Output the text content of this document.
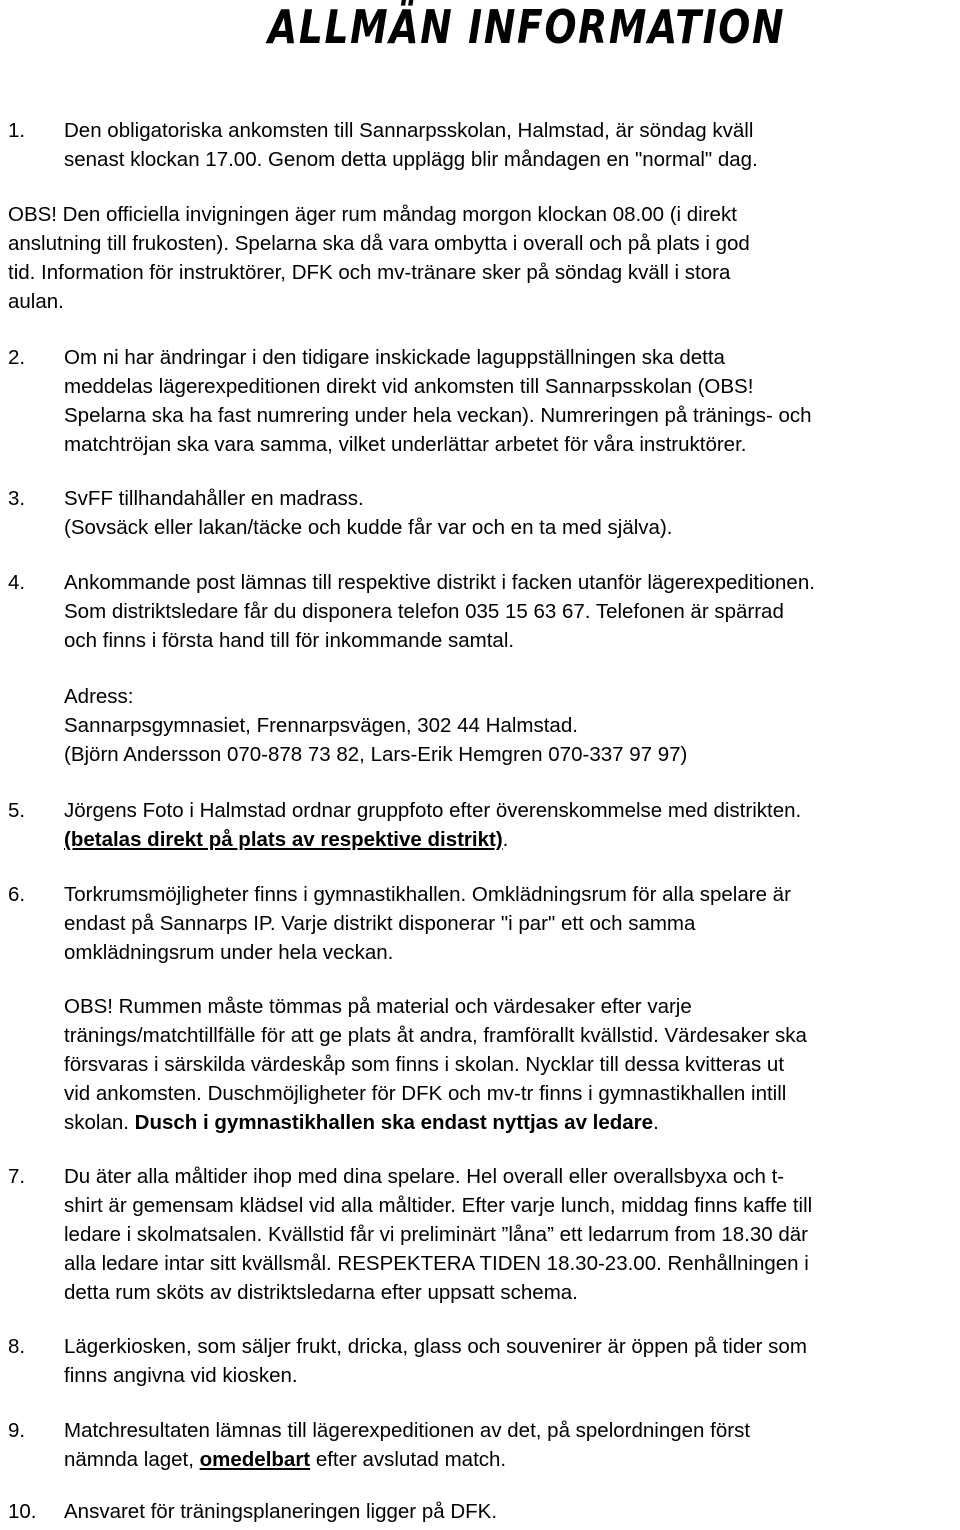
ALLMÄN INFORMATION
1. Den obligatoriska ankomsten till Sannarpsskolan, Halmstad, är söndag kväll
senast klockan 17.00. Genom detta upplägg blir måndagen en "normal" dag.
OBS! Den officiella invigningen äger rum måndag morgon klockan 08.00 (i direkt
anslutning till frukosten). Spelarna ska då vara ombytta i overall och på plats i god
tid. Information för instruktörer, DFK och mv-tränare sker på söndag kväll i stora
aulan.
2. Om ni har ändringar i den tidigare inskickade laguppställningen ska detta
meddelas lägerexpeditionen direkt vid ankomsten till Sannarpsskolan (OBS!
Spelarna ska ha fast numrering under hela veckan). Numreringen på tränings- och
matchtröjan ska vara samma, vilket underlättar arbetet för våra instruktörer.
3. SvFF tillhandahåller en madrass.
(Sovsäck eller lakan/täcke och kudde får var och en ta med själva).
4. Ankommande post lämnas till respektive distrikt i facken utanför lägerexpeditionen.
Som distriktsledare får du disponera telefon 035 15 63 67. Telefonen är spärrad
och finns i första hand till för inkommande samtal.
Adress:
Sannarpsgymnasiet, Frennarpsvägen, 302 44 Halmstad.
(Björn Andersson 070-878 73 82, Lars-Erik Hemgren 070-337 97 97)
5. Jörgens Foto i Halmstad ordnar gruppfoto efter överenskommelse med distrikten.
(betalas direkt på plats av respektive distrikt).
6. Torkrumsmöjligheter finns i gymnastikhallen. Omklädningsrum för alla spelare är
endast på Sannarps IP. Varje distrikt disponerar "i par" ett och samma
omklädningsrum under hela veckan.
OBS! Rummen måste tömmas på material och värdesaker efter varje
tränings/matchtillfälle för att ge plats åt andra, framförallt kvällstid. Värdesaker ska
försvaras i särskilda värdeskåp som finns i skolan. Nycklar till dessa kvitteras ut
vid ankomsten. Duschmöjligheter för DFK och mv-tr finns i gymnastikhallen intill
skolan. Dusch i gymnastikhallen ska endast nyttjas av ledare.
7. Du äter alla måltider ihop med dina spelare. Hel overall eller overallsbyxa och t-
shirt är gemensam klädsel vid alla måltider. Efter varje lunch, middag finns kaffe till
ledare i skolmatsalen. Kvällstid får vi preliminärt ”låna” ett ledarrum from 18.30 där
alla ledare intar sitt kvällsmål. RESPEKTERA TIDEN 18.30-23.00. Renhållningen i
detta rum sköts av distriktsledarna efter uppsatt schema.
8. Lägerkiosken, som säljer frukt, dricka, glass och souvenirer är öppen på tider som
finns angivna vid kiosken.
9. Matchresultaten lämnas till lägerexpeditionen av det, på spelordningen först
nämnda laget, omedelbart efter avslutad match.
10. Ansvaret för träningsplaneringen ligger på DFK.
